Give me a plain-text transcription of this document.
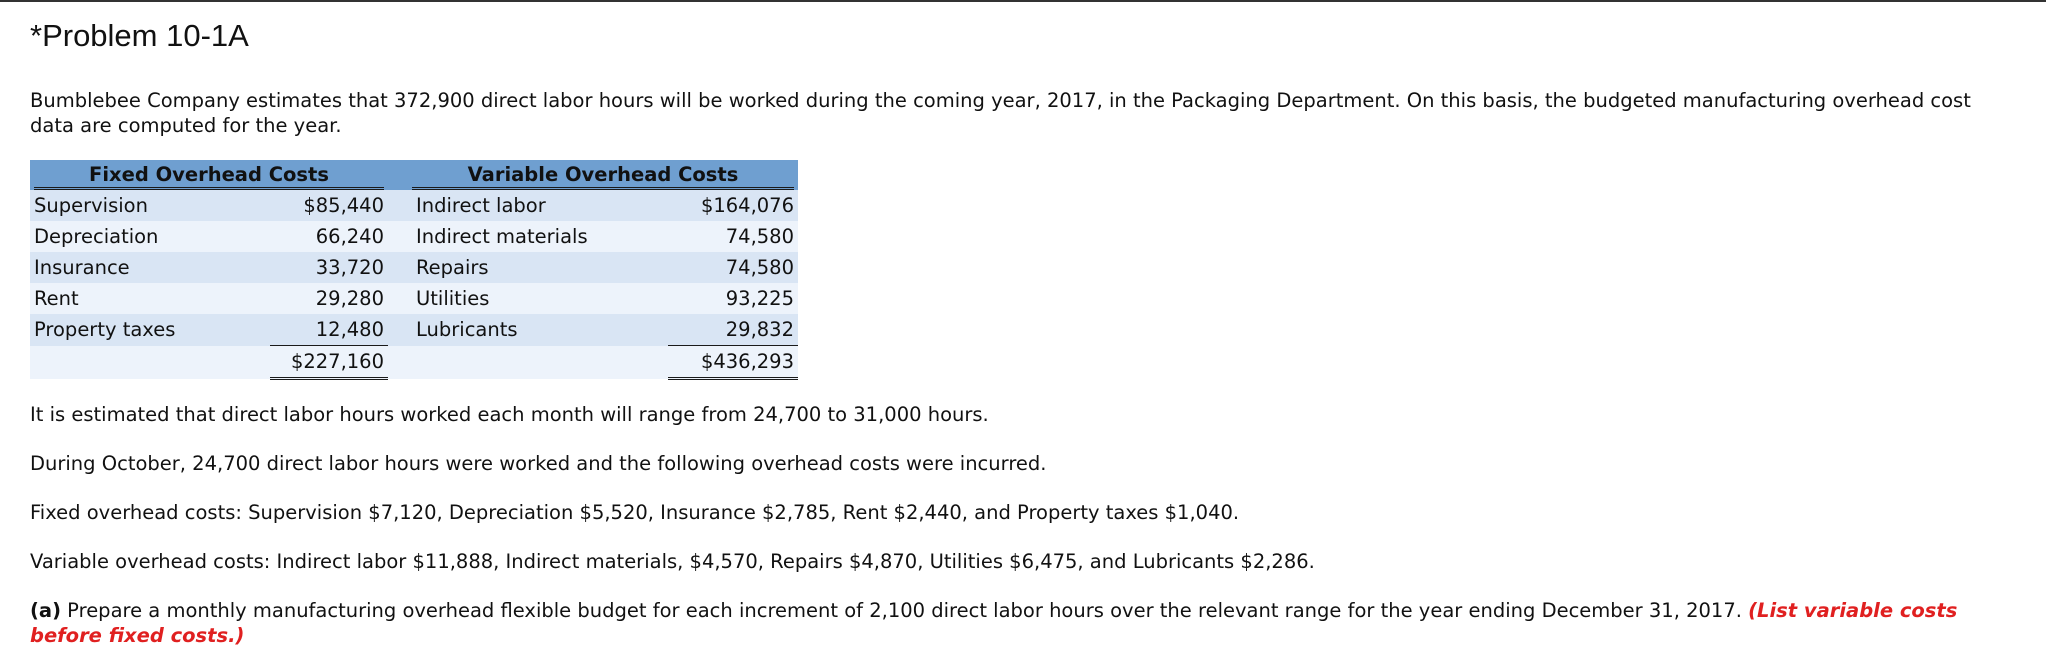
*Problem 10-1A

Bumblebee Company estimates that 372,900 direct labor hours will be worked during the coming year, 2017, in the Packaging Department. On this basis, the budgeted manufacturing overhead cost data are computed for the year.

Fixed Overhead Costs		Variable Overhead Costs	

Supervision	$85,440	Indirect labor	$164,076
Depreciation	66,240	Indirect materials	74,580
Insurance	33,720	Repairs	74,580
Rent	29,280	Utilities	93,225
Property taxes	12,480	Lubricants	29,832
	$227,160		$436,293

It is estimated that direct labor hours worked each month will range from 24,700 to 31,000 hours.

During October, 24,700 direct labor hours were worked and the following overhead costs were incurred.

Fixed overhead costs: Supervision $7,120, Depreciation $5,520, Insurance $2,785, Rent $2,440, and Property taxes $1,040.

Variable overhead costs: Indirect labor $11,888, Indirect materials, $4,570, Repairs $4,870, Utilities $6,475, and Lubricants $2,286.

(a) Prepare a monthly manufacturing overhead flexible budget for each increment of 2,100 direct labor hours over the relevant range for the year ending December 31, 2017. (List variable costs before fixed costs.)
